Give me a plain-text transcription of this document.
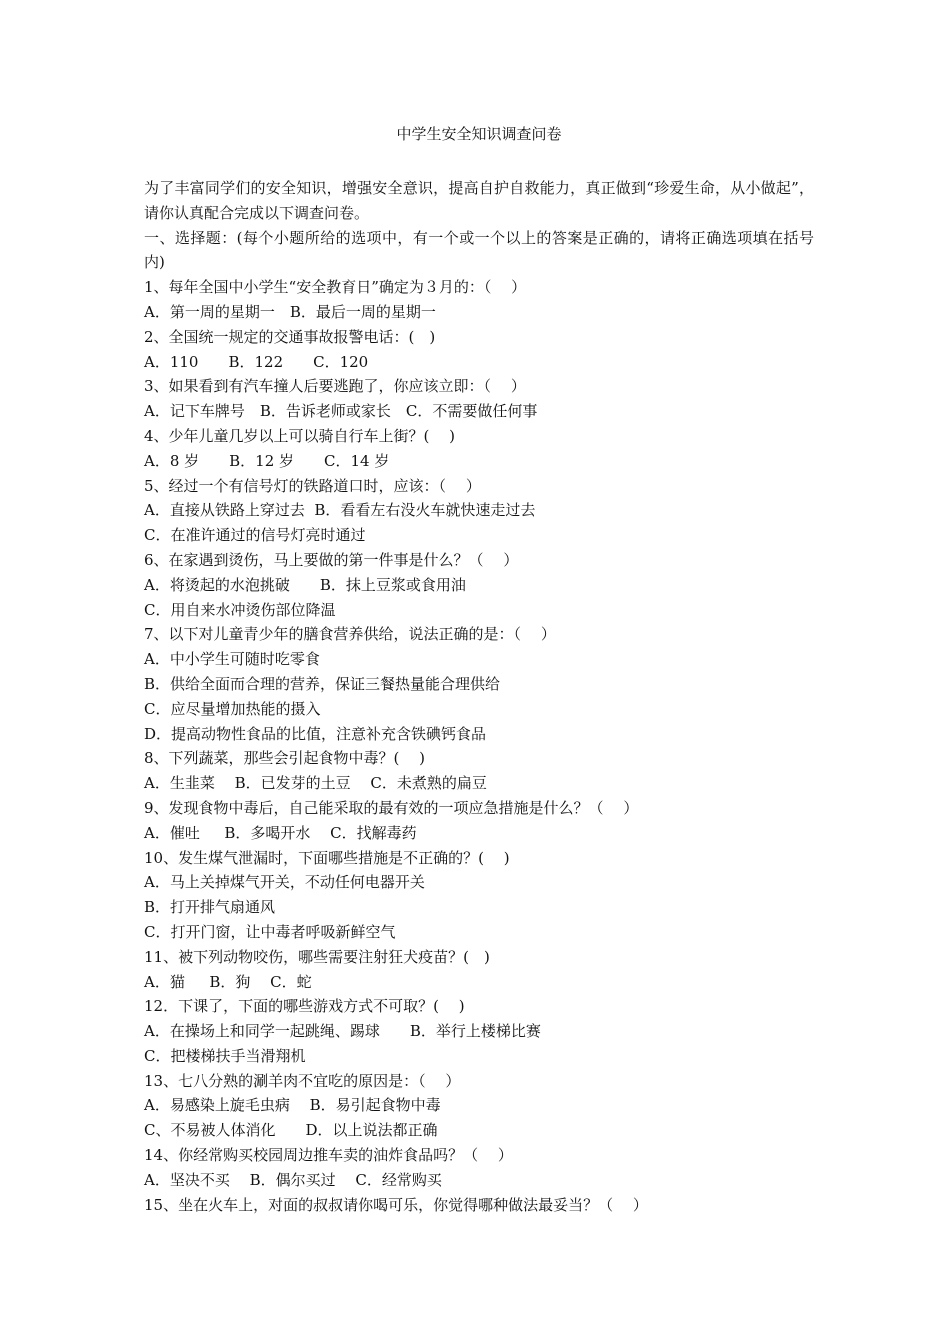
中学生安全知识调查问卷

为了丰富同学们的安全知识，增强安全意识，提高自护自救能力，真正做到“珍爱生命，从小做起”，请你认真配合完成以下调查问卷。

一、选择题：(每个小题所给的选项中，有一个或一个以上的答案是正确的，请将正确选项填在括号内)

1、每年全国中小学生“安全教育日”确定为３月的：（　 ）

A．第一周的星期一　B．最后一周的星期一

2、全国统一规定的交通事故报警电话：(　)

A．110　　B．122　　C．120

3、如果看到有汽车撞人后要逃跑了，你应该立即：（　 ）

A．记下车牌号　B．告诉老师或家长　C．不需要做任何事

4、少年儿童几岁以上可以骑自行车上街？(　 )

A．8 岁　　B．12 岁　　C．14 岁

5、经过一个有信号灯的铁路道口时，应该：（　 ）

A．直接从铁路上穿过去  B．看看左右没火车就快速走过去

C．在准许通过的信号灯亮时通过

6、在家遇到烫伤，马上要做的第一件事是什么？（　 ）

A．将烫起的水泡挑破　　B．抹上豆浆或食用油

C．用自来水冲烫伤部位降温

7、以下对儿童青少年的膳食营养供给，说法正确的是：（　 ）

A．中小学生可随时吃零食

B．供给全面而合理的营养，保证三餐热量能合理供给

C．应尽量增加热能的摄入

D．提高动物性食品的比值，注意补充含铁碘钙食品

8、下列蔬菜，那些会引起食物中毒？(　 )

A．生韭菜　 B．已发芽的土豆　 C．未煮熟的扁豆

9、发现食物中毒后，自己能采取的最有效的一项应急措施是什么？（　 ）

A．催吐　  B．多喝开水　 C．找解毒药

10、发生煤气泄漏时，下面哪些措施是不正确的？(　 )

A．马上关掉煤气开关，不动任何电器开关

B．打开排气扇通风

C．打开门窗，让中毒者呼吸新鲜空气

11、被下列动物咬伤，哪些需要注射狂犬疫苗？(　)

A．猫　  B．狗　 C．蛇

12．下课了，下面的哪些游戏方式不可取？(　 )

A．在操场上和同学一起跳绳、踢球　　B．举行上楼梯比赛

C．把楼梯扶手当滑翔机

13、七八分熟的涮羊肉不宜吃的原因是：（　 ）

A．易感染上旋毛虫病　 B．易引起食物中毒

C、不易被人体消化　　D．以上说法都正确

14、你经常购买校园周边推车卖的油炸食品吗？（　 ）

A．坚决不买　 B．偶尔买过　 C．经常购买

15、坐在火车上，对面的叔叔请你喝可乐，你觉得哪种做法最妥当？（　 ）
